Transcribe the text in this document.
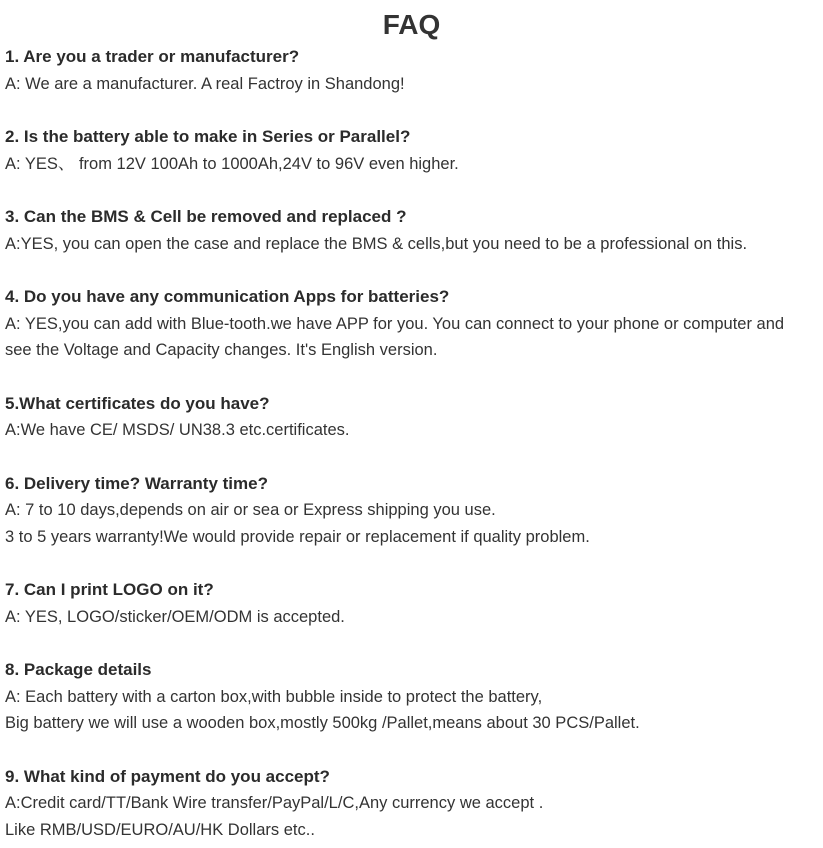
FAQ

1. Are you a trader or manufacturer?

A: We are a manufacturer. A real Factroy in Shandong!

2. Is the battery able to make in Series or Parallel?

A: YES、 from 12V 100Ah to 1000Ah,24V to 96V even higher.

3. Can the BMS & Cell be removed and replaced ?

A:YES, you can open the case and replace the BMS & cells,but you need to be a professional on this.

4. Do you have any communication Apps for batteries?

A: YES,you can add with Blue-tooth.we have APP for you. You can connect to your phone or computer and

see the Voltage and Capacity changes. It's English version.

5.What certificates do you have?

A:We have CE/ MSDS/ UN38.3 etc.certificates.

6. Delivery time? Warranty time?

A: 7 to 10 days,depends on air or sea or Express shipping you use.

3 to 5 years warranty!We would provide repair or replacement if quality problem.

7. Can I print LOGO on it?

A: YES, LOGO/sticker/OEM/ODM is accepted.

8. Package details

A: Each battery with a carton box,with bubble inside to protect the battery,

Big battery we will use a wooden box,mostly 500kg /Pallet,means about 30 PCS/Pallet.

9. What kind of payment do you accept?

A:Credit card/TT/Bank Wire transfer/PayPal/L/C,Any currency we accept .

Like RMB/USD/EURO/AU/HK Dollars etc..
